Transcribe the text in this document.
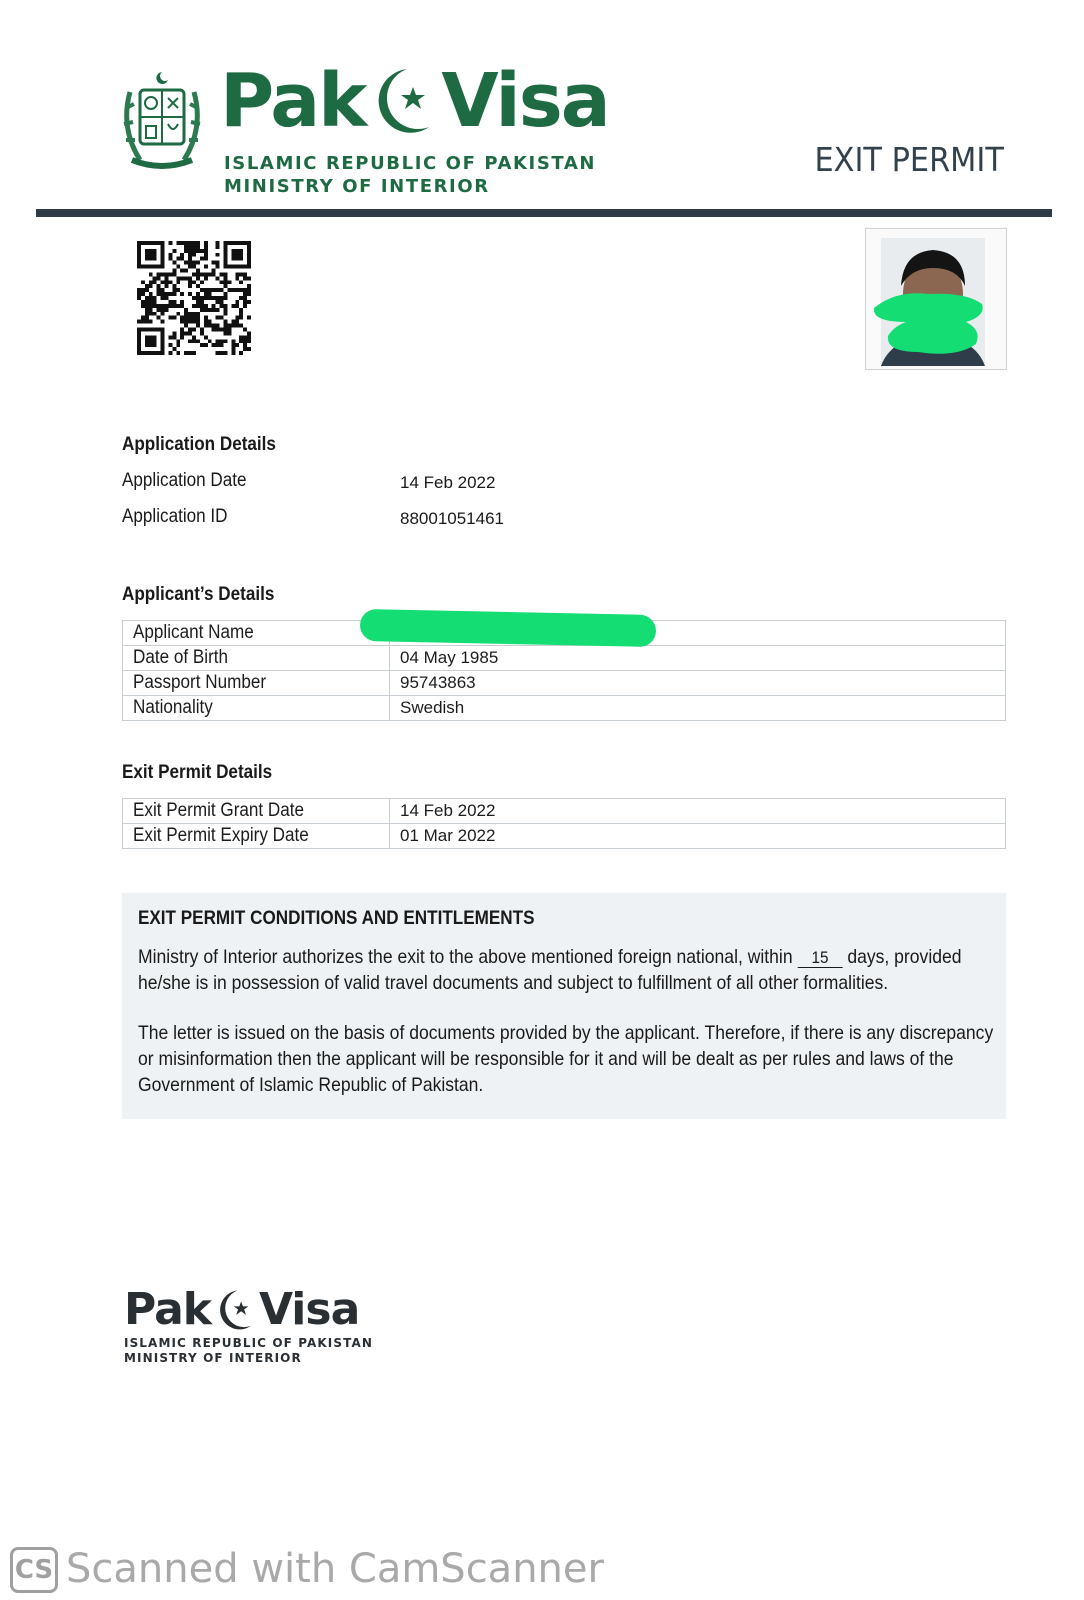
Pak Visa
ISLAMIC REPUBLIC OF PAKISTAN
MINISTRY OF INTERIOR
EXIT PERMIT
Application Details
Application Date	14 Feb 2022
Application ID	88001051461
Applicant’s Details
Applicant Name	
Date of Birth	04 May 1985
Passport Number	95743863
Nationality	Swedish
Exit Permit Details
Exit Permit Grant Date	14 Feb 2022
Exit Permit Expiry Date	01 Mar 2022
EXIT PERMIT CONDITIONS AND ENTITLEMENTS
Ministry of Interior authorizes the exit to the above mentioned foreign national, within 15 days, provided he/she is in possession of valid travel documents and subject to fulfillment of all other formalities.
The letter is issued on the basis of documents provided by the applicant. Therefore, if there is any discrepancy or misinformation then the applicant will be responsible for it and will be dealt as per rules and laws of the Government of Islamic Republic of Pakistan.
Pak Visa
ISLAMIC REPUBLIC OF PAKISTAN
MINISTRY OF INTERIOR
CS Scanned with CamScanner
